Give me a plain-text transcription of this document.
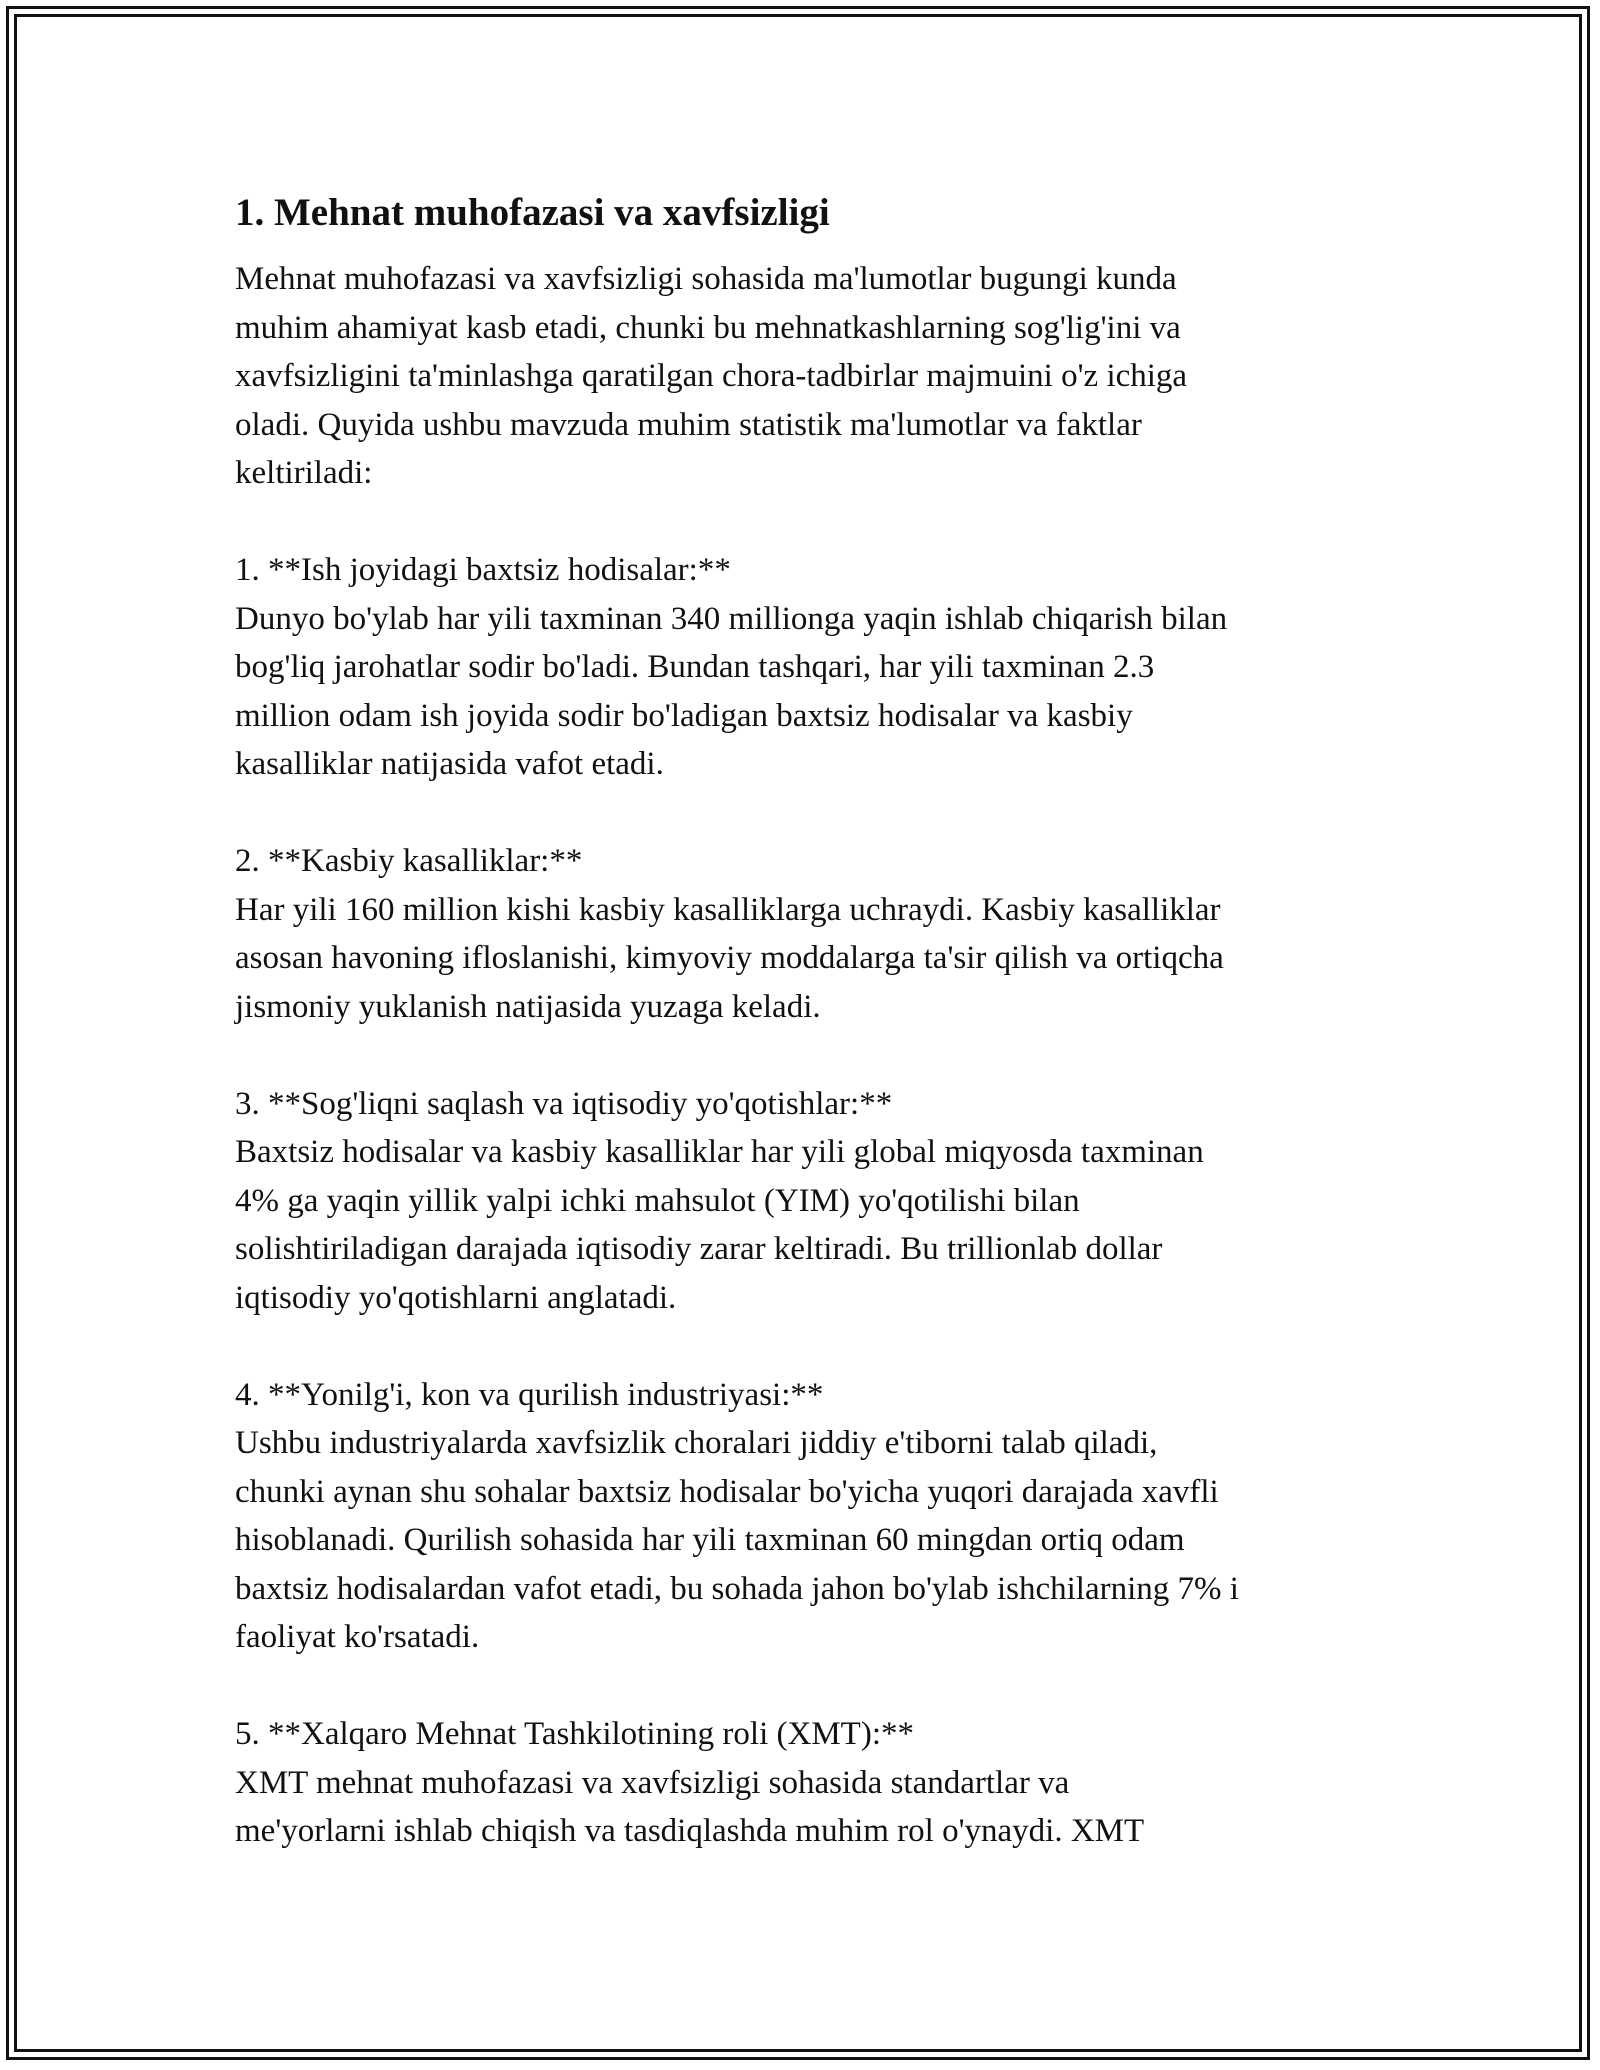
1. Mehnat muhofazasi va xavfsizligi

Mehnat muhofazasi va xavfsizligi sohasida ma'lumotlar bugungi kunda
muhim ahamiyat kasb etadi, chunki bu mehnatkashlarning sog'lig'ini va
xavfsizligini ta'minlashga qaratilgan chora-tadbirlar majmuini o'z ichiga
oladi. Quyida ushbu mavzuda muhim statistik ma'lumotlar va faktlar
keltiriladi:

1. **Ish joyidagi baxtsiz hodisalar:**

Dunyo bo'ylab har yili taxminan 340 millionga yaqin ishlab chiqarish bilan
bog'liq jarohatlar sodir bo'ladi. Bundan tashqari, har yili taxminan 2.3
million odam ish joyida sodir bo'ladigan baxtsiz hodisalar va kasbiy
kasalliklar natijasida vafot etadi.

2. **Kasbiy kasalliklar:**

Har yili 160 million kishi kasbiy kasalliklarga uchraydi. Kasbiy kasalliklar
asosan havoning ifloslanishi, kimyoviy moddalarga ta'sir qilish va ortiqcha
jismoniy yuklanish natijasida yuzaga keladi.

3. **Sog'liqni saqlash va iqtisodiy yo'qotishlar:**

Baxtsiz hodisalar va kasbiy kasalliklar har yili global miqyosda taxminan
4% ga yaqin yillik yalpi ichki mahsulot (YIM) yo'qotilishi bilan
solishtiriladigan darajada iqtisodiy zarar keltiradi. Bu trillionlab dollar
iqtisodiy yo'qotishlarni anglatadi.

4. **Yonilg'i, kon va qurilish industriyasi:**

Ushbu industriyalarda xavfsizlik choralari jiddiy e'tiborni talab qiladi,
chunki aynan shu sohalar baxtsiz hodisalar bo'yicha yuqori darajada xavfli
hisoblanadi. Qurilish sohasida har yili taxminan 60 mingdan ortiq odam
baxtsiz hodisalardan vafot etadi, bu sohada jahon bo'ylab ishchilarning 7% i
faoliyat ko'rsatadi.

5. **Xalqaro Mehnat Tashkilotining roli (XMT):**

XMT mehnat muhofazasi va xavfsizligi sohasida standartlar va
me'yorlarni ishlab chiqish va tasdiqlashda muhim rol o'ynaydi. XMT
